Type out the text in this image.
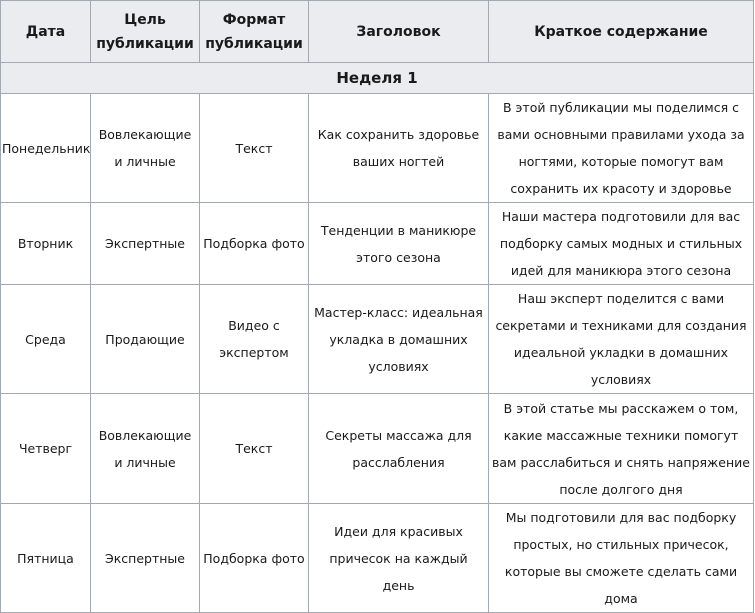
Дата	Цель публикации	Формат публикации	Заголовок	Краткое содержание
Неделя 1				
Понедельник	Вовлекающие и личные	Текст	Как сохранить здоровье ваших ногтей	В этой публикации мы поделимся с вами основными правилами ухода за ногтями, которые помогут вам сохранить их красоту и здоровье
Вторник	Экспертные	Подборка фото	Тенденции в маникюре этого сезона	Наши мастера подготовили для вас подборку самых модных и стильных идей для маникюра этого сезона
Среда	Продающие	Видео с экспертом	Мастер-класс: идеальная укладка в домашних условиях	Наш эксперт поделится с вами секретами и техниками для создания идеальной укладки в домашних условиях
Четверг	Вовлекающие и личные	Текст	Секреты массажа для расслабления	В этой статье мы расскажем о том, какие массажные техники помогут вам расслабиться и снять напряжение после долгого дня
Пятница	Экспертные	Подборка фото	Идеи для красивых причесок на каждый день	Мы подготовили для вас подборку простых, но стильных причесок, которые вы сможете сделать сами дома
